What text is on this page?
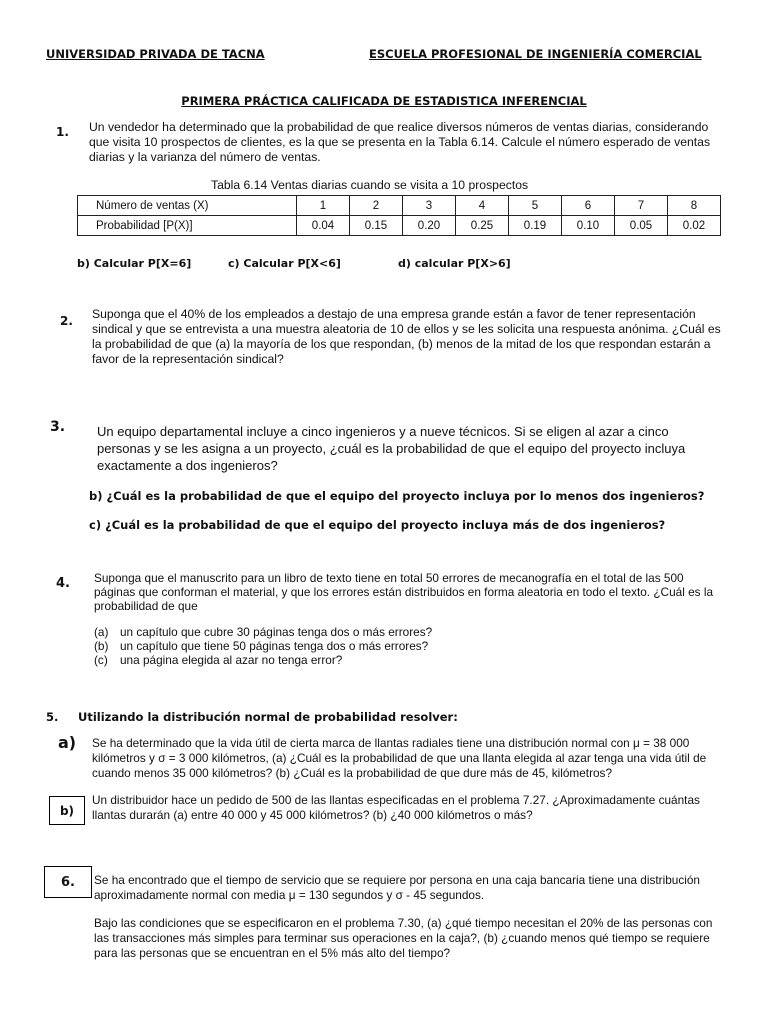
UNIVERSIDAD PRIVADA DE TACNA	ESCUELA PROFESIONAL DE INGENIERÍA COMERCIAL
PRIMERA PRÁCTICA CALIFICADA DE ESTADISTICA INFERENCIAL
1. Un vendedor ha determinado que la probabilidad de que realice diversos números de ventas diarias, considerando que visita 10 prospectos de clientes, es la que se presenta en la Tabla 6.14. Calcule el número esperado de ventas diarias y la varianza del número de ventas.
Tabla 6.14 Ventas diarias cuando se visita a 10 prospectos
Número de ventas (X)	1	2	3	4	5	6	7	8
Probabilidad [P(X)]	0.04	0.15	0.20	0.25	0.19	0.10	0.05	0.02
b) Calcular P[X=6]	c) Calcular P[X<6]	d) calcular P[X>6]
2. Suponga que el 40% de los empleados a destajo de una empresa grande están a favor de tener representación sindical y que se entrevista a una muestra aleatoria de 10 de ellos y se les solicita una respuesta anónima. ¿Cuál es la probabilidad de que (a) la mayoría de los que respondan, (b) menos de la mitad de los que respondan estarán a favor de la representación sindical?
3. Un equipo departamental incluye a cinco ingenieros y a nueve técnicos. Si se eligen al azar a cinco personas y se les asigna a un proyecto, ¿cuál es la probabilidad de que el equipo del proyecto incluya exactamente a dos ingenieros?
b) ¿Cuál es la probabilidad de que el equipo del proyecto incluya por lo menos dos ingenieros?
c) ¿Cuál es la probabilidad de que el equipo del proyecto incluya más de dos ingenieros?
4. Suponga que el manuscrito para un libro de texto tiene en total 50 errores de mecanografía en el total de las 500 páginas que conforman el material, y que los errores están distribuidos en forma aleatoria en todo el texto. ¿Cuál es la probabilidad de que
(a) un capítulo que cubre 30 páginas tenga dos o más errores?
(b) un capítulo que tiene 50 páginas tenga dos o más errores?
(c) una página elegida al azar no tenga error?
5. Utilizando la distribución normal de probabilidad resolver:
a) Se ha determinado que la vida útil de cierta marca de llantas radiales tiene una distribución normal con μ = 38 000 kilómetros y σ = 3 000 kilómetros, (a) ¿Cuál es la probabilidad de que una llanta elegida al azar tenga una vida útil de cuando menos 35 000 kilómetros? (b) ¿Cuál es la probabilidad de que dure más de 45, kilómetros?
b)
Un distribuidor hace un pedido de 500 de las llantas especificadas en el problema 7.27. ¿Aproximadamente cuántas llantas durarán (a) entre 40 000 y 45 000 kilómetros? (b) ¿40 000 kilómetros o más?
6.	Se ha encontrado que el tiempo de servicio que se requiere por persona en una caja bancaria tiene una distribución aproximadamente normal con media μ = 130 segundos y σ - 45 segundos.
Bajo las condiciones que se especificaron en el problema 7.30, (a) ¿qué tiempo necesitan el 20% de las personas con las transacciones más simples para terminar sus operaciones en la caja?, (b) ¿cuando menos qué tiempo se requiere para las personas que se encuentran en el 5% más alto del tiempo?
